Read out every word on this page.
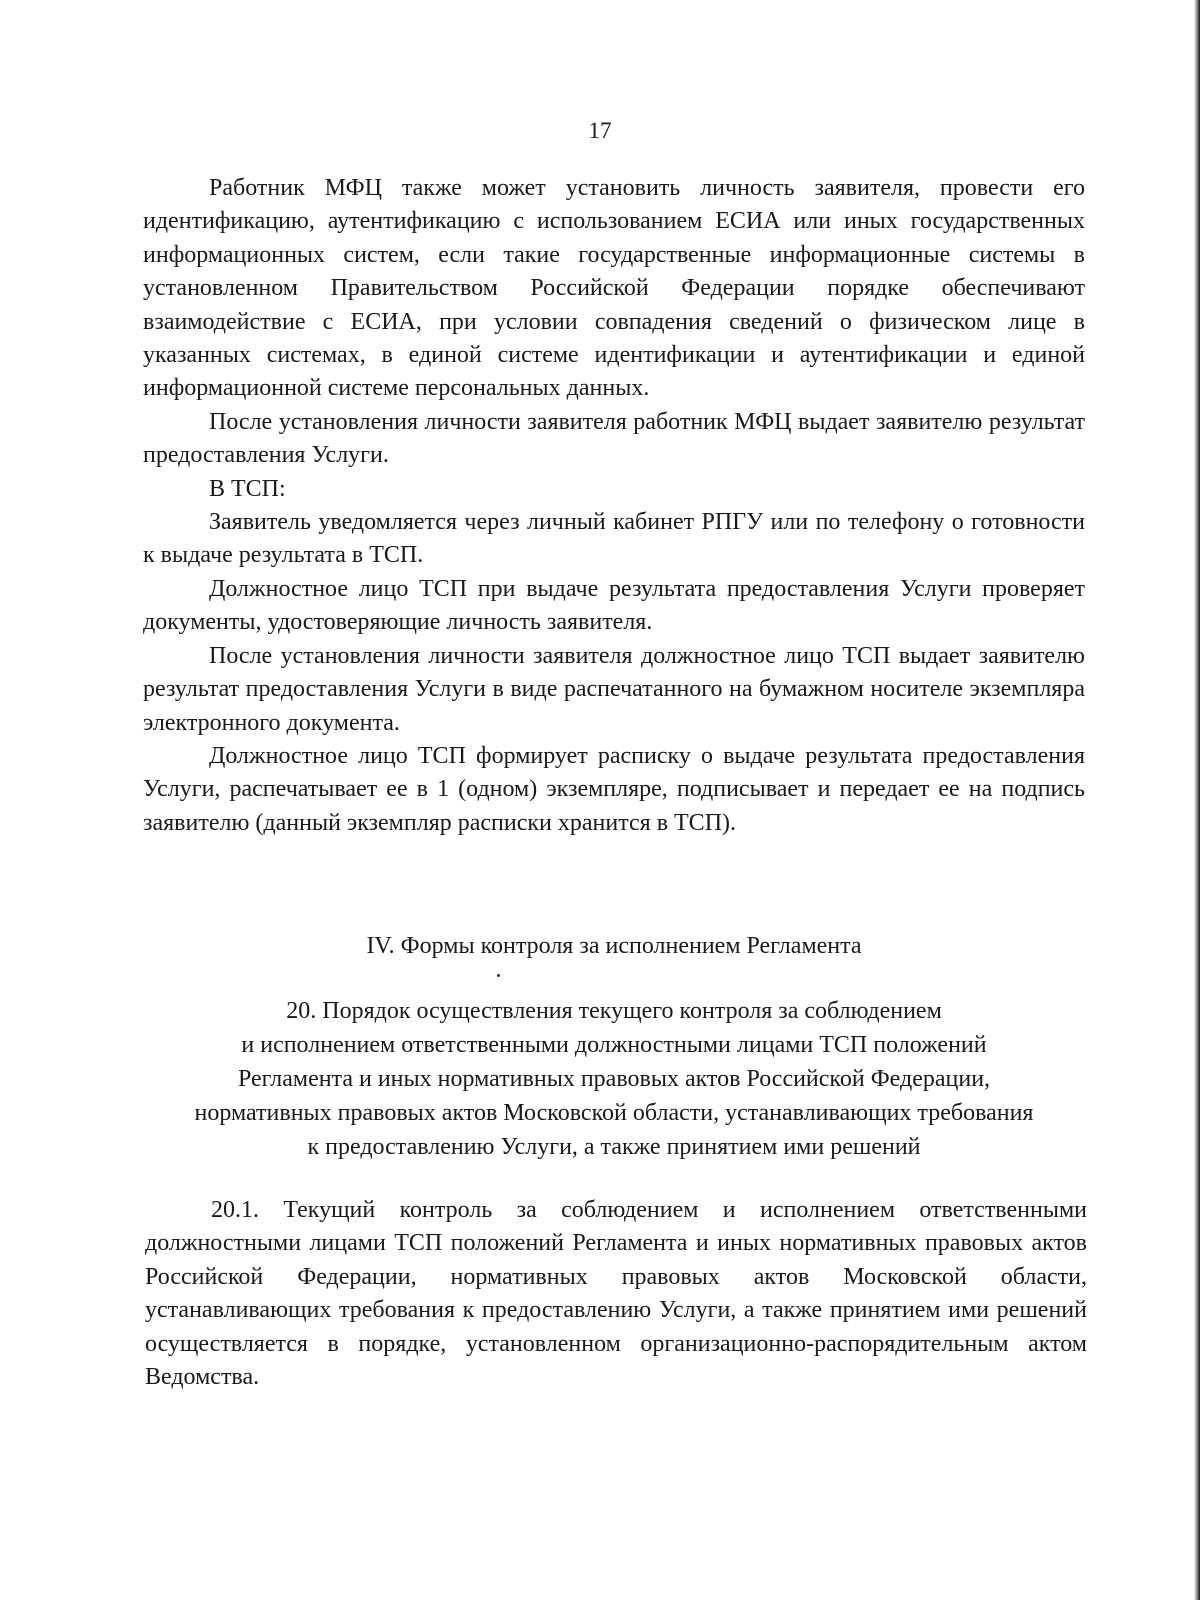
17

Работник МФЦ также может установить личность заявителя, провести его идентификацию, аутентификацию с использованием ЕСИА или иных государственных информационных систем, если такие государственные информационные системы в установленном Правительством Российской Федерации порядке обеспечивают взаимодействие с ЕСИА, при условии совпадения сведений о физическом лице в указанных системах, в единой системе идентификации и аутентификации и единой информационной системе персональных данных.

После установления личности заявителя работник МФЦ выдает заявителю результат предоставления Услуги.

В ТСП:

Заявитель уведомляется через личный кабинет РПГУ или по телефону о готовности к выдаче результата в ТСП.

Должностное лицо ТСП при выдаче результата предоставления Услуги проверяет документы, удостоверяющие личность заявителя.

После установления личности заявителя должностное лицо ТСП выдает заявителю результат предоставления Услуги в виде распечатанного на бумажном носителе экземпляра электронного документа.

Должностное лицо ТСП формирует расписку о выдаче результата предоставления Услуги, распечатывает ее в 1 (одном) экземпляре, подписывает и передает ее на подпись заявителю (данный экземпляр расписки хранится в ТСП).

IV. Формы контроля за исполнением Регламента
20. Порядок осуществления текущего контроля за соблюдением
и исполнением ответственными должностными лицами ТСП положений
Регламента и иных нормативных правовых актов Российской Федерации,
нормативных правовых актов Московской области, устанавливающих требования
к предоставлению Услуги, а также принятием ими решений

20.1. Текущий контроль за соблюдением и исполнением ответственными должностными лицами ТСП положений Регламента и иных нормативных правовых актов Российской Федерации, нормативных правовых актов Московской области, устанавливающих требования к предоставлению Услуги, а также принятием ими решений осуществляется в порядке, установленном организационно-распорядительным актом Ведомства.
